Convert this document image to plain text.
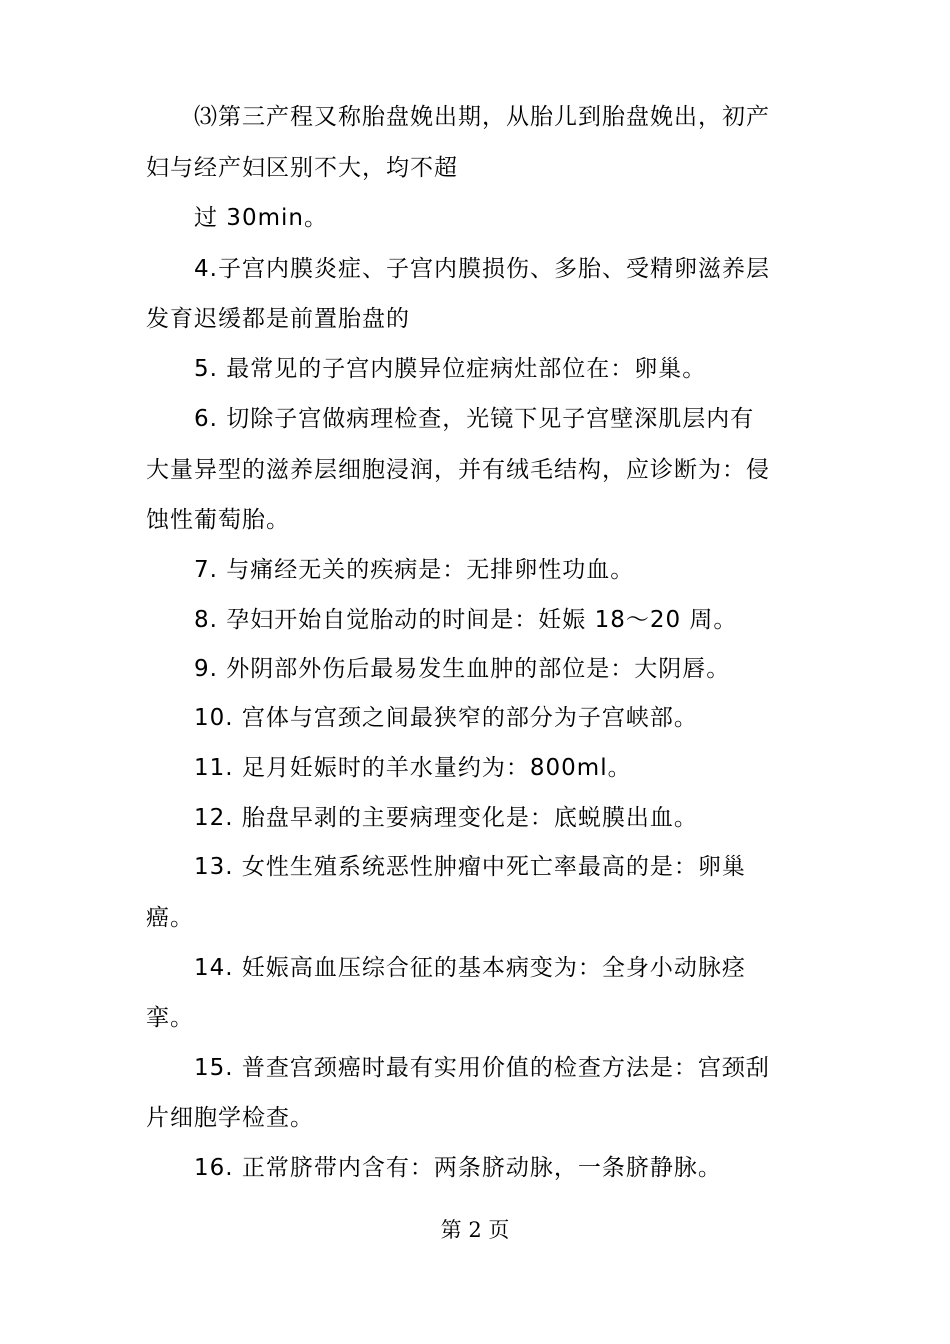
⑶第三产程又称胎盘娩出期，从胎儿到胎盘娩出，初产
妇与经产妇区别不大，均不超
过 30min。
4.子宫内膜炎症、子宫内膜损伤、多胎、受精卵滋养层
发育迟缓都是前置胎盘的
5. 最常见的子宫内膜异位症病灶部位在：卵巢。
6. 切除子宫做病理检查，光镜下见子宫壁深肌层内有
大量异型的滋养层细胞浸润，并有绒毛结构，应诊断为：侵
蚀性葡萄胎。
7. 与痛经无关的疾病是：无排卵性功血。
8. 孕妇开始自觉胎动的时间是：妊娠 18～20 周。
9. 外阴部外伤后最易发生血肿的部位是：大阴唇。
10. 宫体与宫颈之间最狭窄的部分为子宫峡部。
11. 足月妊娠时的羊水量约为：800ml。
12. 胎盘早剥的主要病理变化是：底蜕膜出血。
13. 女性生殖系统恶性肿瘤中死亡率最高的是：卵巢
癌。
14. 妊娠高血压综合征的基本病变为：全身小动脉痉
挛。
15. 普查宫颈癌时最有实用价值的检查方法是：宫颈刮
片细胞学检查。
16. 正常脐带内含有：两条脐动脉，一条脐静脉。
第 2 页
